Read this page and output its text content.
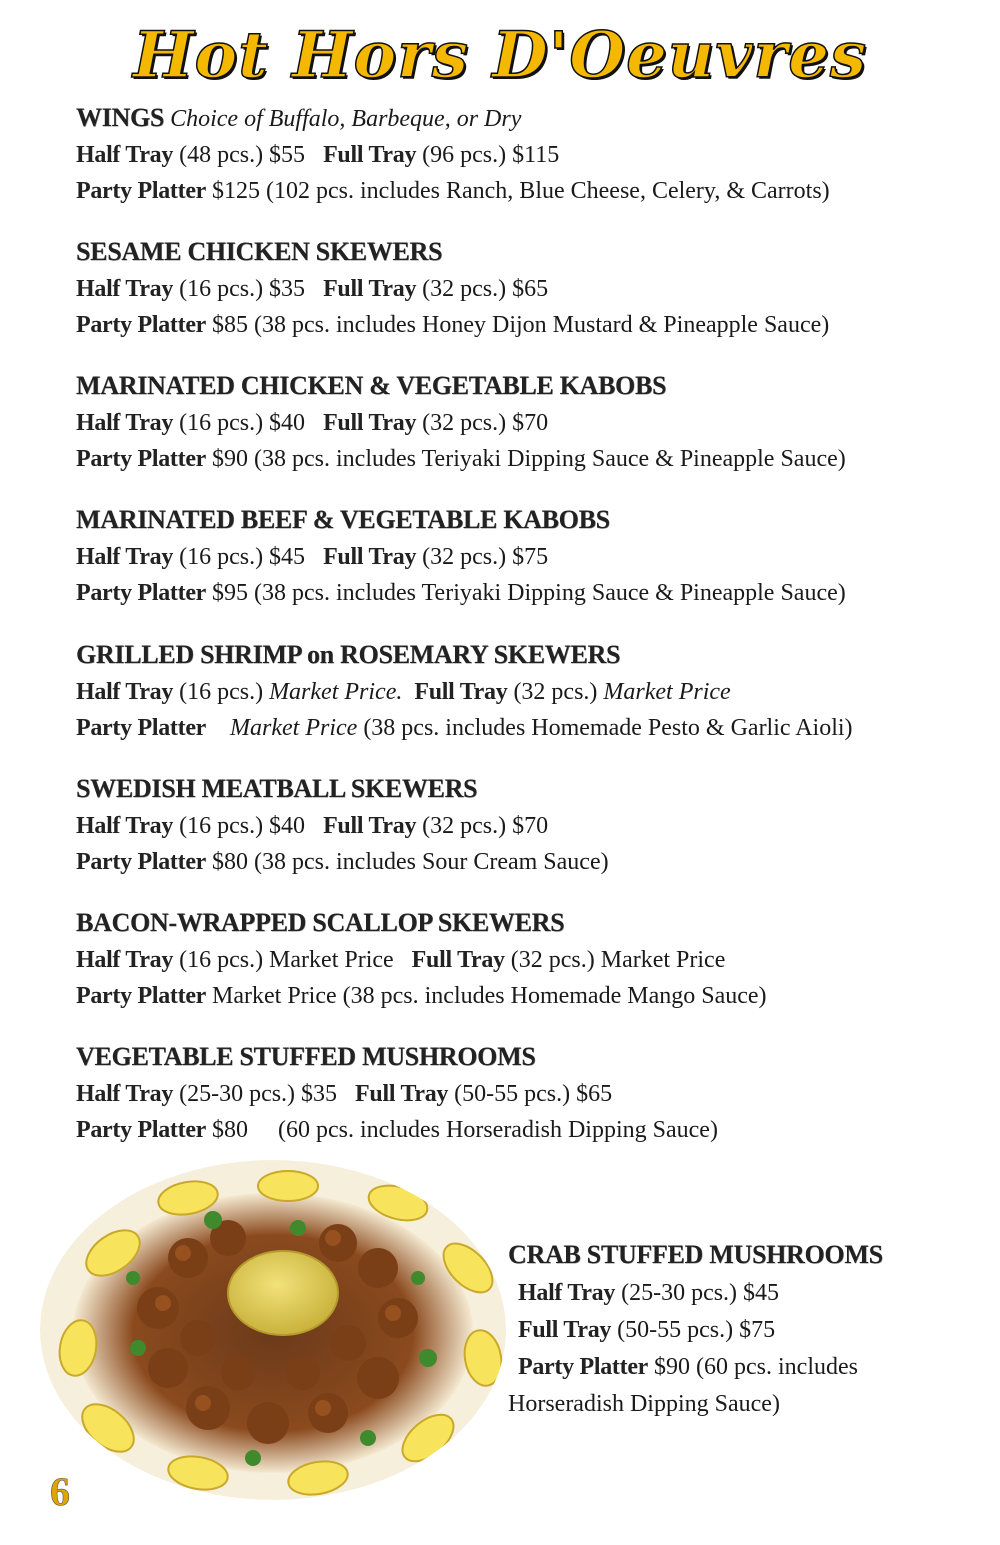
Hot Hors D'Oeuvres
WINGS Choice of Buffalo, Barbeque, or Dry
Half Tray (48 pcs.) $55 Full Tray (96 pcs.) $115
Party Platter $125 (102 pcs. includes Ranch, Blue Cheese, Celery, & Carrots)
SESAME CHICKEN SKEWERS
Half Tray (16 pcs.) $35 Full Tray (32 pcs.) $65
Party Platter $85 (38 pcs. includes Honey Dijon Mustard & Pineapple Sauce)
MARINATED CHICKEN & VEGETABLE KABOBS
Half Tray (16 pcs.) $40 Full Tray (32 pcs.) $70
Party Platter $90 (38 pcs. includes Teriyaki Dipping Sauce & Pineapple Sauce)
MARINATED BEEF & VEGETABLE KABOBS
Half Tray (16 pcs.) $45 Full Tray (32 pcs.) $75
Party Platter $95 (38 pcs. includes Teriyaki Dipping Sauce & Pineapple Sauce)
GRILLED SHRIMP on ROSEMARY SKEWERS
Half Tray (16 pcs.) Market Price. Full Tray (32 pcs.) Market Price
Party Platter Market Price (38 pcs. includes Homemade Pesto & Garlic Aioli)
SWEDISH MEATBALL SKEWERS
Half Tray (16 pcs.) $40 Full Tray (32 pcs.) $70
Party Platter $80 (38 pcs. includes Sour Cream Sauce)
BACON-WRAPPED SCALLOP SKEWERS
Half Tray (16 pcs.) Market Price Full Tray (32 pcs.) Market Price
Party Platter Market Price (38 pcs. includes Homemade Mango Sauce)
VEGETABLE STUFFED MUSHROOMS
Half Tray (25-30 pcs.) $35 Full Tray (50-55 pcs.) $65
Party Platter $80 (60 pcs. includes Horseradish Dipping Sauce)
CRAB STUFFED MUSHROOMS
Half Tray (25-30 pcs.) $45
Full Tray (50-55 pcs.) $75
Party Platter $90 (60 pcs. includes
Horseradish Dipping Sauce)
6
